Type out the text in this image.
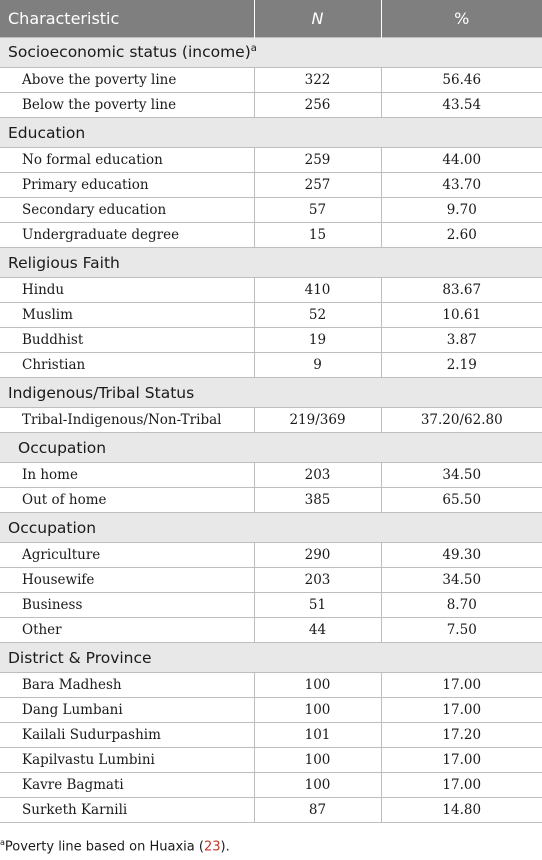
Characteristic	N	%
Socioeconomic status (income)$^a$
Above the poverty line	322	56.46
Below the poverty line	256	43.54
Education		
No formal education	259	44.00
Primary education	257	43.70
Secondary education	57	9.70
Undergraduate degree	15	2.60
Religious Faith		
Hindu	410	83.67
Muslim	52	10.61
Buddhist	19	3.87
Christian	9	2.19
Indigenous/Tribal Status		
Tribal-Indigenous/Non-Tribal	219/369	37.20/62.80
Occupation		
In home	203	34.50
Out of home	385	65.50
Occupation		
Agriculture	290	49.30
Housewife	203	34.50
Business	51	8.70
Other	44	7.50
District & Province		
Bara Madhesh	100	17.00
Dang Lumbani	100	17.00
Kailali Sudurpashim	101	17.20
Kapilvastu Lumbini	100	17.00
Kavre Bagmati	100	17.00
Surketh Karnili	87	14.80

$^a$Poverty line based on Huaxia (23).
